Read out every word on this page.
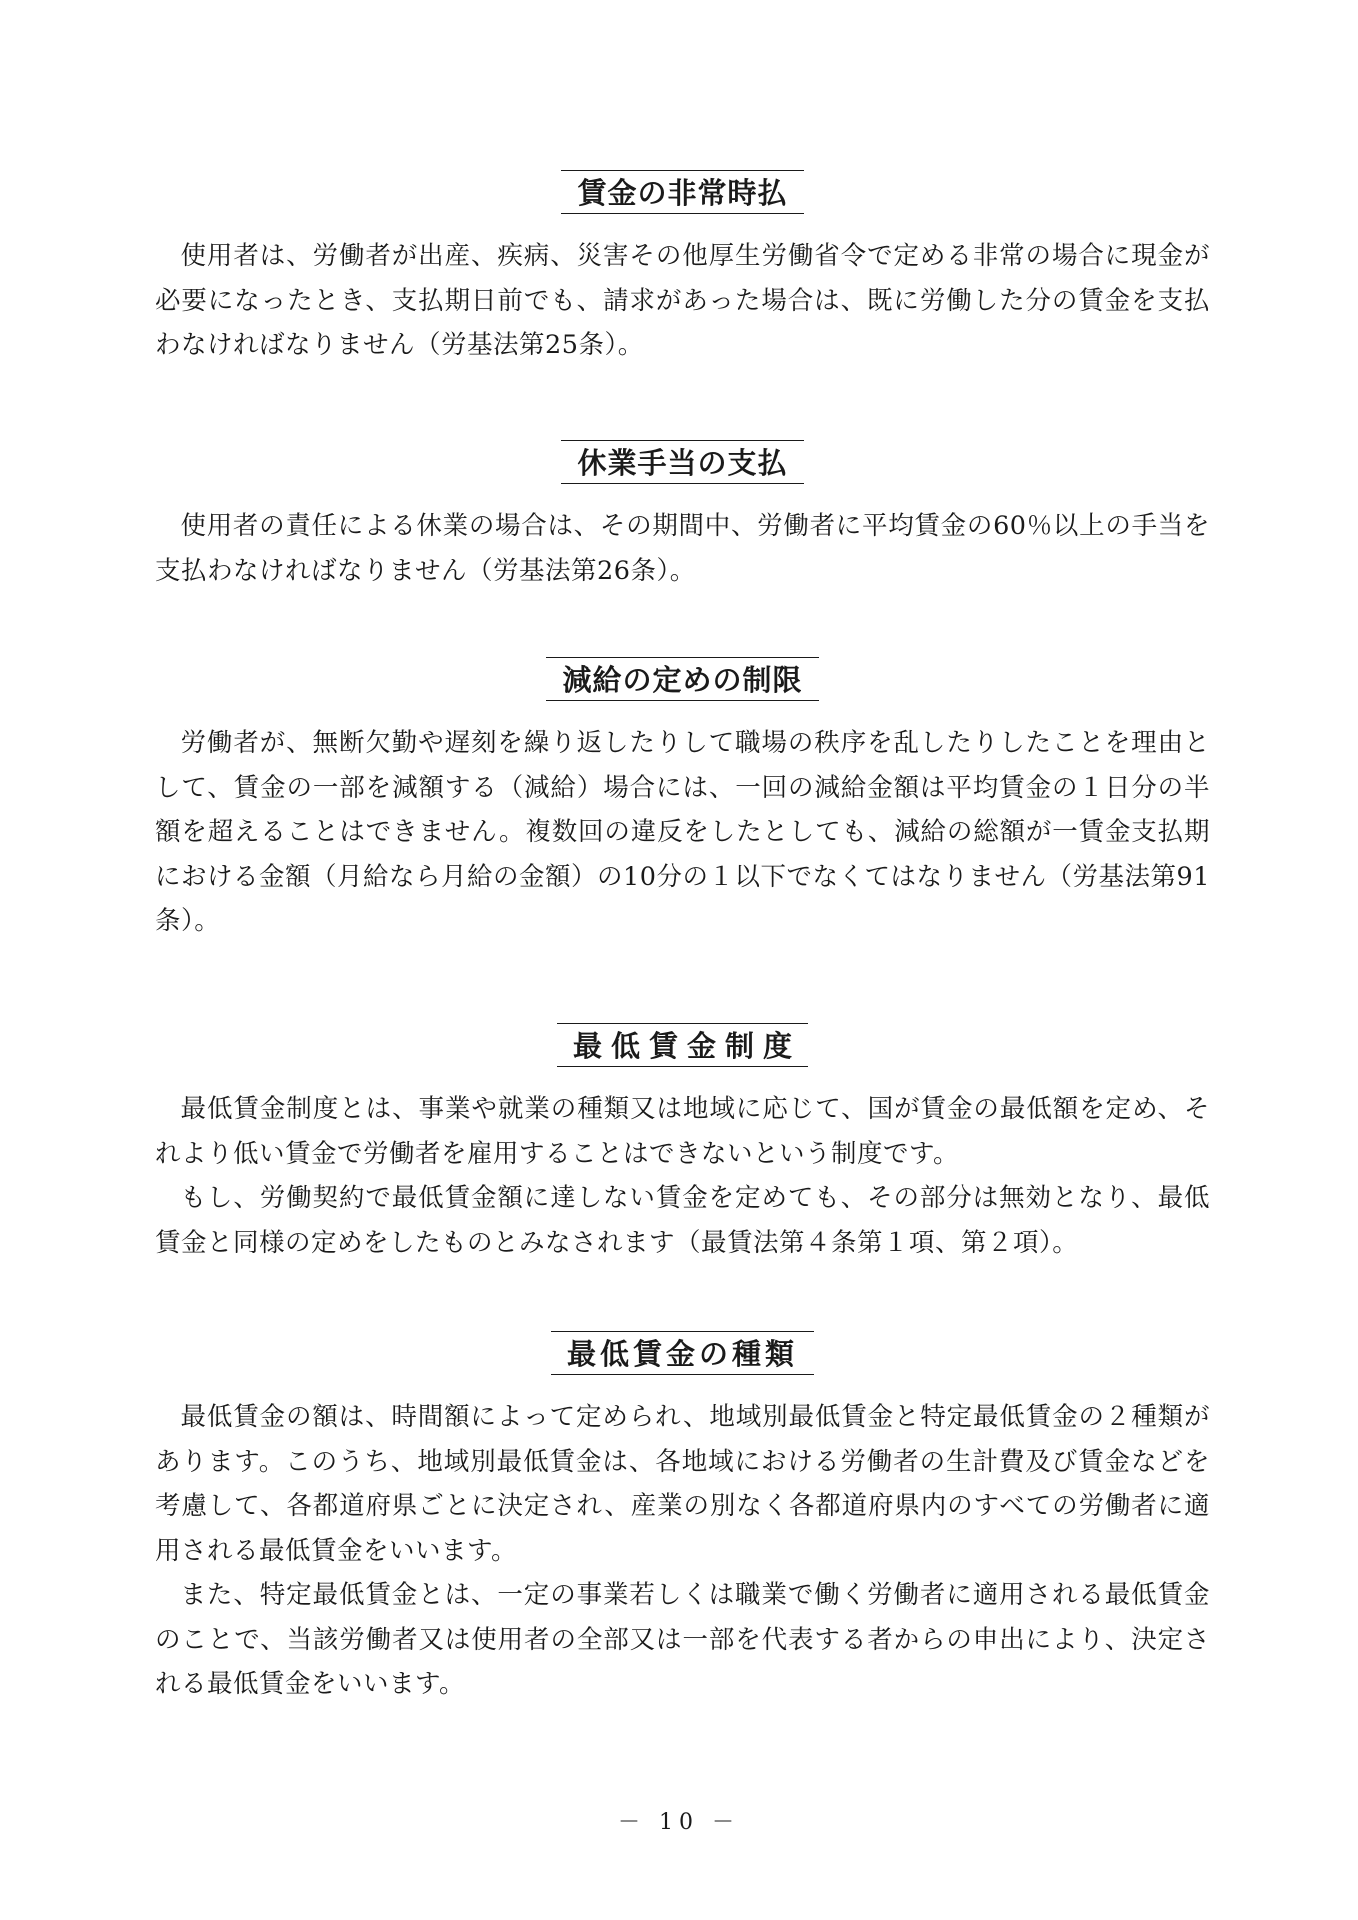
賃金の非常時払

使用者は、労働者が出産、疾病、災害その他厚生労働省令で定める非常の場合に現金が必要になったとき、支払期日前でも、請求があった場合は、既に労働した分の賃金を支払わなければなりません（労基法第25条）。

休業手当の支払

使用者の責任による休業の場合は、その期間中、労働者に平均賃金の60％以上の手当を支払わなければなりません（労基法第26条）。

減給の定めの制限

労働者が、無断欠勤や遅刻を繰り返したりして職場の秩序を乱したりしたことを理由として、賃金の一部を減額する（減給）場合には、一回の減給金額は平均賃金の１日分の半額を超えることはできません。複数回の違反をしたとしても、減給の総額が一賃金支払期における金額（月給なら月給の金額）の10分の１以下でなくてはなりません（労基法第91条）。

最低賃金制度

最低賃金制度とは、事業や就業の種類又は地域に応じて、国が賃金の最低額を定め、それより低い賃金で労働者を雇用することはできないという制度です。

もし、労働契約で最低賃金額に達しない賃金を定めても、その部分は無効となり、最低賃金と同様の定めをしたものとみなされます（最賃法第４条第１項、第２項）。

最低賃金の種類

最低賃金の額は、時間額によって定められ、地域別最低賃金と特定最低賃金の２種類があります。このうち、地域別最低賃金は、各地域における労働者の生計費及び賃金などを考慮して、各都道府県ごとに決定され、産業の別なく各都道府県内のすべての労働者に適用される最低賃金をいいます。

また、特定最低賃金とは、一定の事業若しくは職業で働く労働者に適用される最低賃金のことで、当該労働者又は使用者の全部又は一部を代表する者からの申出により、決定される最低賃金をいいます。

－ 10 －
